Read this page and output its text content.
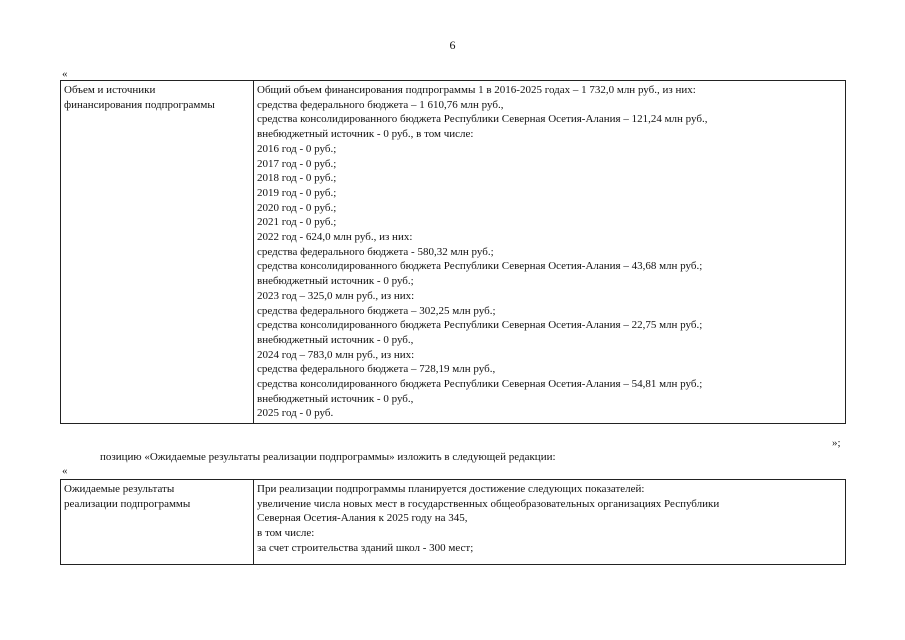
6
«
Объем и источники
финансирования подпрограммы

Общий объем финансирования подпрограммы 1 в 2016-2025 годах – 1 732,0 млн руб., из них:
средства федерального бюджета – 1 610,76 млн руб.,
средства консолидированного бюджета Республики Северная Осетия-Алания – 121,24 млн руб.,
внебюджетный источник - 0 руб., в том числе:
2016 год - 0 руб.;
2017 год - 0 руб.;
2018 год - 0 руб.;
2019 год - 0 руб.;
2020 год - 0 руб.;
2021 год - 0 руб.;
2022 год - 624,0 млн руб., из них:
средства федерального бюджета - 580,32 млн руб.;
средства консолидированного бюджета Республики Северная Осетия-Алания – 43,68 млн руб.;
внебюджетный источник - 0 руб.;
2023 год – 325,0 млн руб., из них:
средства федерального бюджета – 302,25 млн руб.;
средства консолидированного бюджета Республики Северная Осетия-Алания – 22,75 млн руб.;
внебюджетный источник - 0 руб.,
2024 год – 783,0 млн руб., из них:
средства федерального бюджета – 728,19 млн руб.,
средства консолидированного бюджета Республики Северная Осетия-Алания – 54,81 млн руб.;
внебюджетный источник - 0 руб.,
2025 год - 0 руб.
»;
позицию «Ожидаемые результаты реализации подпрограммы» изложить в следующей редакции:
«
Ожидаемые результаты
реализации подпрограммы

При реализации подпрограммы планируется достижение следующих показателей:
увеличение числа новых мест в государственных общеобразовательных организациях Республики
Северная Осетия-Алания к 2025 году на 345,
в том числе:
за счет строительства зданий школ - 300 мест;
